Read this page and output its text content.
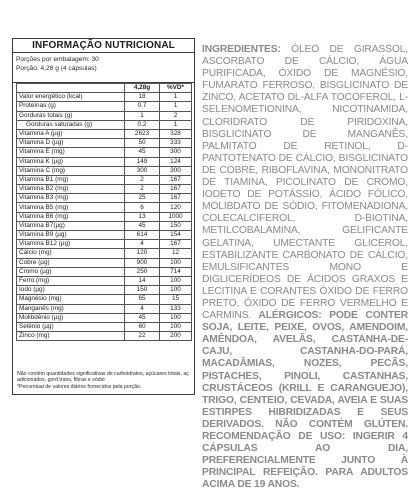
INFORMAÇÃO NUTRICIONAL
Porções por embalagem: 30
Porção: 4,28 g (4 cápsulas)
	4,28g	%VD*
Valor energético (kcal)	18	1
Proteínas (g)	0,7	1
Gorduras totais (g)	1	2
Gorduras saturadas (g)	0,2	1
Vitamina A (µg)	2623	328
Vitamina D (µg)	50	333
Vitamina E (mg)	45	300
Vitamina K (µg)	149	124
Vitamina C (mg)	300	300
Vitamina B1 (mg)	2	167
Vitamina B2 (mg)	2	167
Vitamina B3 (mg)	25	167
Vitamina B5 (mg)	6	120
Vitamina B6 (mg)	13	1000
Vitamina B7(µg)	45	150
Vitamina B9 (µg)	614	154
Vitamina B12 (µg)	4	167
Cálcio (mg)	120	12
Cobre (µg)	900	100
Cromo (µg)	250	714
Ferro (mg)	14	100
Iodo (µg)	150	100
Magnésio (mg)	65	15
Manganês (mg)	4	133
Molibdênio (µg)	45	100
Selênio (µg)	60	100
Zinco (mg)	22	200
Não contém quantidades significativas de carboidratos, açúcares totais, aç adicionados, gord trans, fibras e sódio
*Percentual de valores diários fornecidos pela porção.
INGREDIENTES: ÓLEO DE GIRASSOL, ASCORBATO DE CÁLCIO, ÁGUA PURIFICADA, ÓXIDO DE MAGNÉSIO, FUMARATO FERROSO, BISGLICINATO DE ZINCO, ACETATO DL-ALFA TOCOFEROL, L-SELENOMETIONINA, NICOTINAMIDA, CLORIDRATO DE PIRIDOXINA, BISGLICINATO DE MANGANÊS, PALMITATO DE RETINOL, D-PANTOTENATO DE CÁLCIO, BISGLICINATO DE COBRE, RIBOFLAVINA, MONONITRATO DE TIAMINA, PICOLINATO DE CROMO, IODETO DE POTÁSSIO, ÁCIDO FÓLICO, MOLIBDATO DE SÓDIO, FITOMENADIONA, COLECALCIFEROL, D-BIOTINA, METILCOBALAMINA, GELIFICANTE GELATINA, UMECTANTE GLICEROL, ESTABILIZANTE CARBONATO DE CÁLCIO, EMULSIFICANTES MONO E DIGLICERÍDEOS DE ÁCIDOS GRAXOS E LECITINA E CORANTES ÓXIDO DE FERRO PRETO, ÓXIDO DE FERRO VERMELHO E CARMINS. ALÉRGICOS: PODE CONTER SOJA, LEITE, PEIXE, OVOS, AMENDOIM, AMÊNDOA, AVELÃS, CASTANHA-DE-CAJU, CASTANHA-DO-PARÁ, MACADÂMIAS, NOZES, PECÃS, PISTACHES, PINOLI, CASTANHAS, CRUSTÁCEOS (KRILL E CARANGUEJO), TRIGO, CENTEIO, CEVADA, AVEIA E SUAS ESTIRPES HIBRIDIZADAS E SEUS DERIVADOS. NÃO CONTÉM GLÚTEN. RECOMENDAÇÃO DE USO: INGERIR 4 CÁPSULAS AO DIA, PREFERENCIALMENTE JUNTO À PRINCIPAL REFEIÇÃO. PARA ADULTOS ACIMA DE 19 ANOS.
